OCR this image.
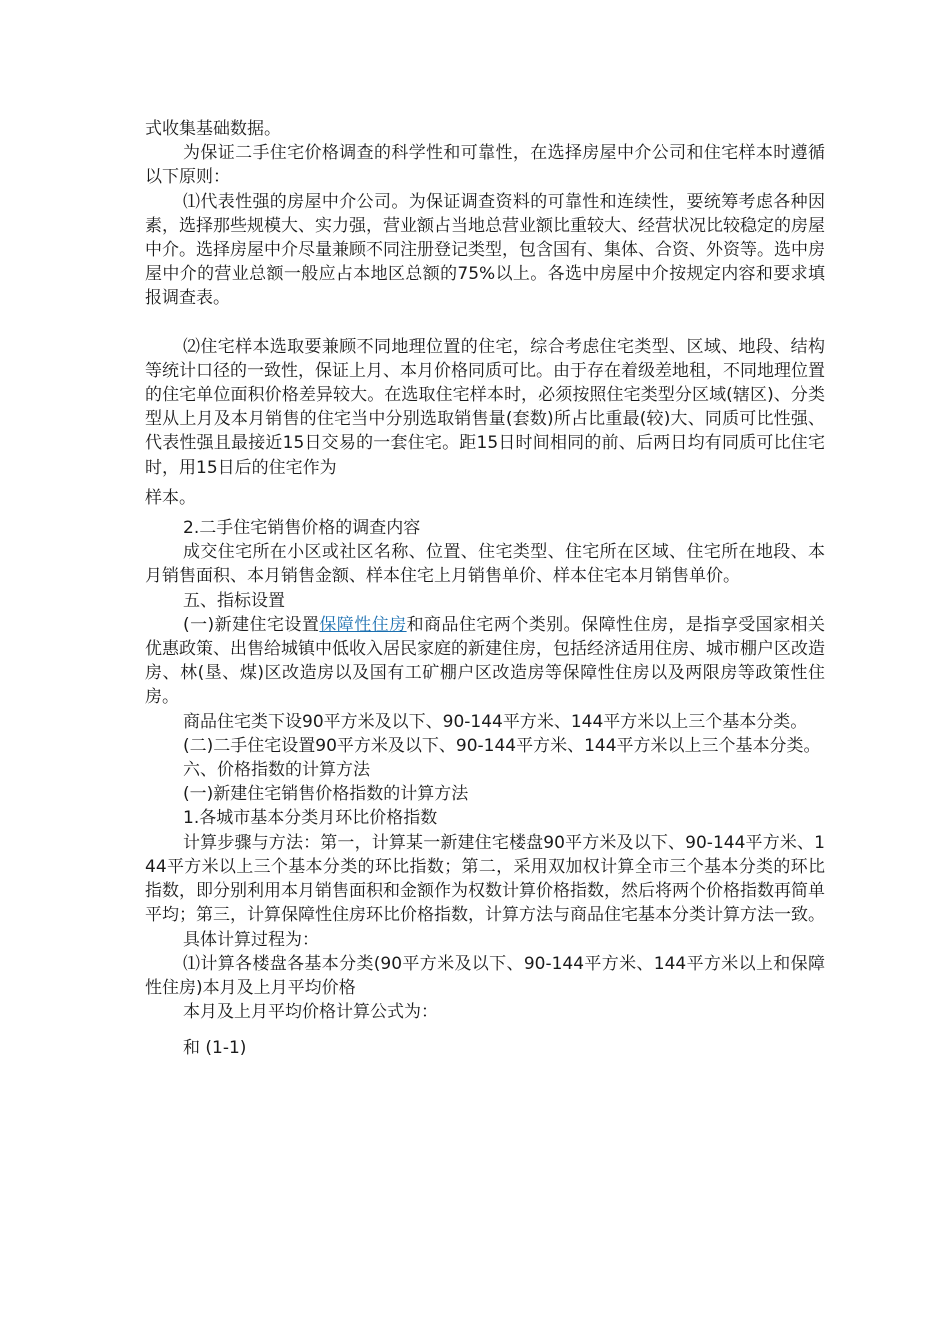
式收集基础数据。

为保证二手住宅价格调查的科学性和可靠性，在选择房屋中介公司和住宅样本时遵循以下原则：

⑴代表性强的房屋中介公司。为保证调查资料的可靠性和连续性，要统筹考虑各种因素，选择那些规模大、实力强，营业额占当地总营业额比重较大、经营状况比较稳定的房屋中介。选择房屋中介尽量兼顾不同注册登记类型，包含国有、集体、合资、外资等。选中房屋中介的营业总额一般应占本地区总额的75%以上。各选中房屋中介按规定内容和要求填报调查表。

⑵住宅样本选取要兼顾不同地理位置的住宅，综合考虑住宅类型、区域、地段、结构等统计口径的一致性，保证上月、本月价格同质可比。由于存在着级差地租，不同地理位置的住宅单位面积价格差异较大。在选取住宅样本时，必须按照住宅类型分区域(辖区)、分类型从上月及本月销售的住宅当中分别选取销售量(套数)所占比重最(较)大、同质可比性强、代表性强且最接近15日交易的一套住宅。距15日时间相同的前、后两日均有同质可比住宅时，用15日后的住宅作为

样本。

2.二手住宅销售价格的调查内容

成交住宅所在小区或社区名称、位置、住宅类型、住宅所在区域、住宅所在地段、本月销售面积、本月销售金额、样本住宅上月销售单价、样本住宅本月销售单价。

五、指标设置

(一)新建住宅设置保障性住房和商品住宅两个类别。保障性住房，是指享受国家相关优惠政策、出售给城镇中低收入居民家庭的新建住房，包括经济适用住房、城市棚户区改造房、林(垦、煤)区改造房以及国有工矿棚户区改造房等保障性住房以及两限房等政策性住房。

商品住宅类下设90平方米及以下、90-144平方米、144平方米以上三个基本分类。

(二)二手住宅设置90平方米及以下、90-144平方米、144平方米以上三个基本分类。

六、价格指数的计算方法

(一)新建住宅销售价格指数的计算方法

1.各城市基本分类月环比价格指数

计算步骤与方法：第一，计算某一新建住宅楼盘90平方米及以下、90-144平方米、144平方米以上三个基本分类的环比指数；第二，采用双加权计算全市三个基本分类的环比指数，即分别利用本月销售面积和金额作为权数计算价格指数，然后将两个价格指数再简单平均；第三，计算保障性住房环比价格指数，计算方法与商品住宅基本分类计算方法一致。

具体计算过程为：

⑴计算各楼盘各基本分类(90平方米及以下、90-144平方米、144平方米以上和保障性住房)本月及上月平均价格

本月及上月平均价格计算公式为：

和 (1-1)
